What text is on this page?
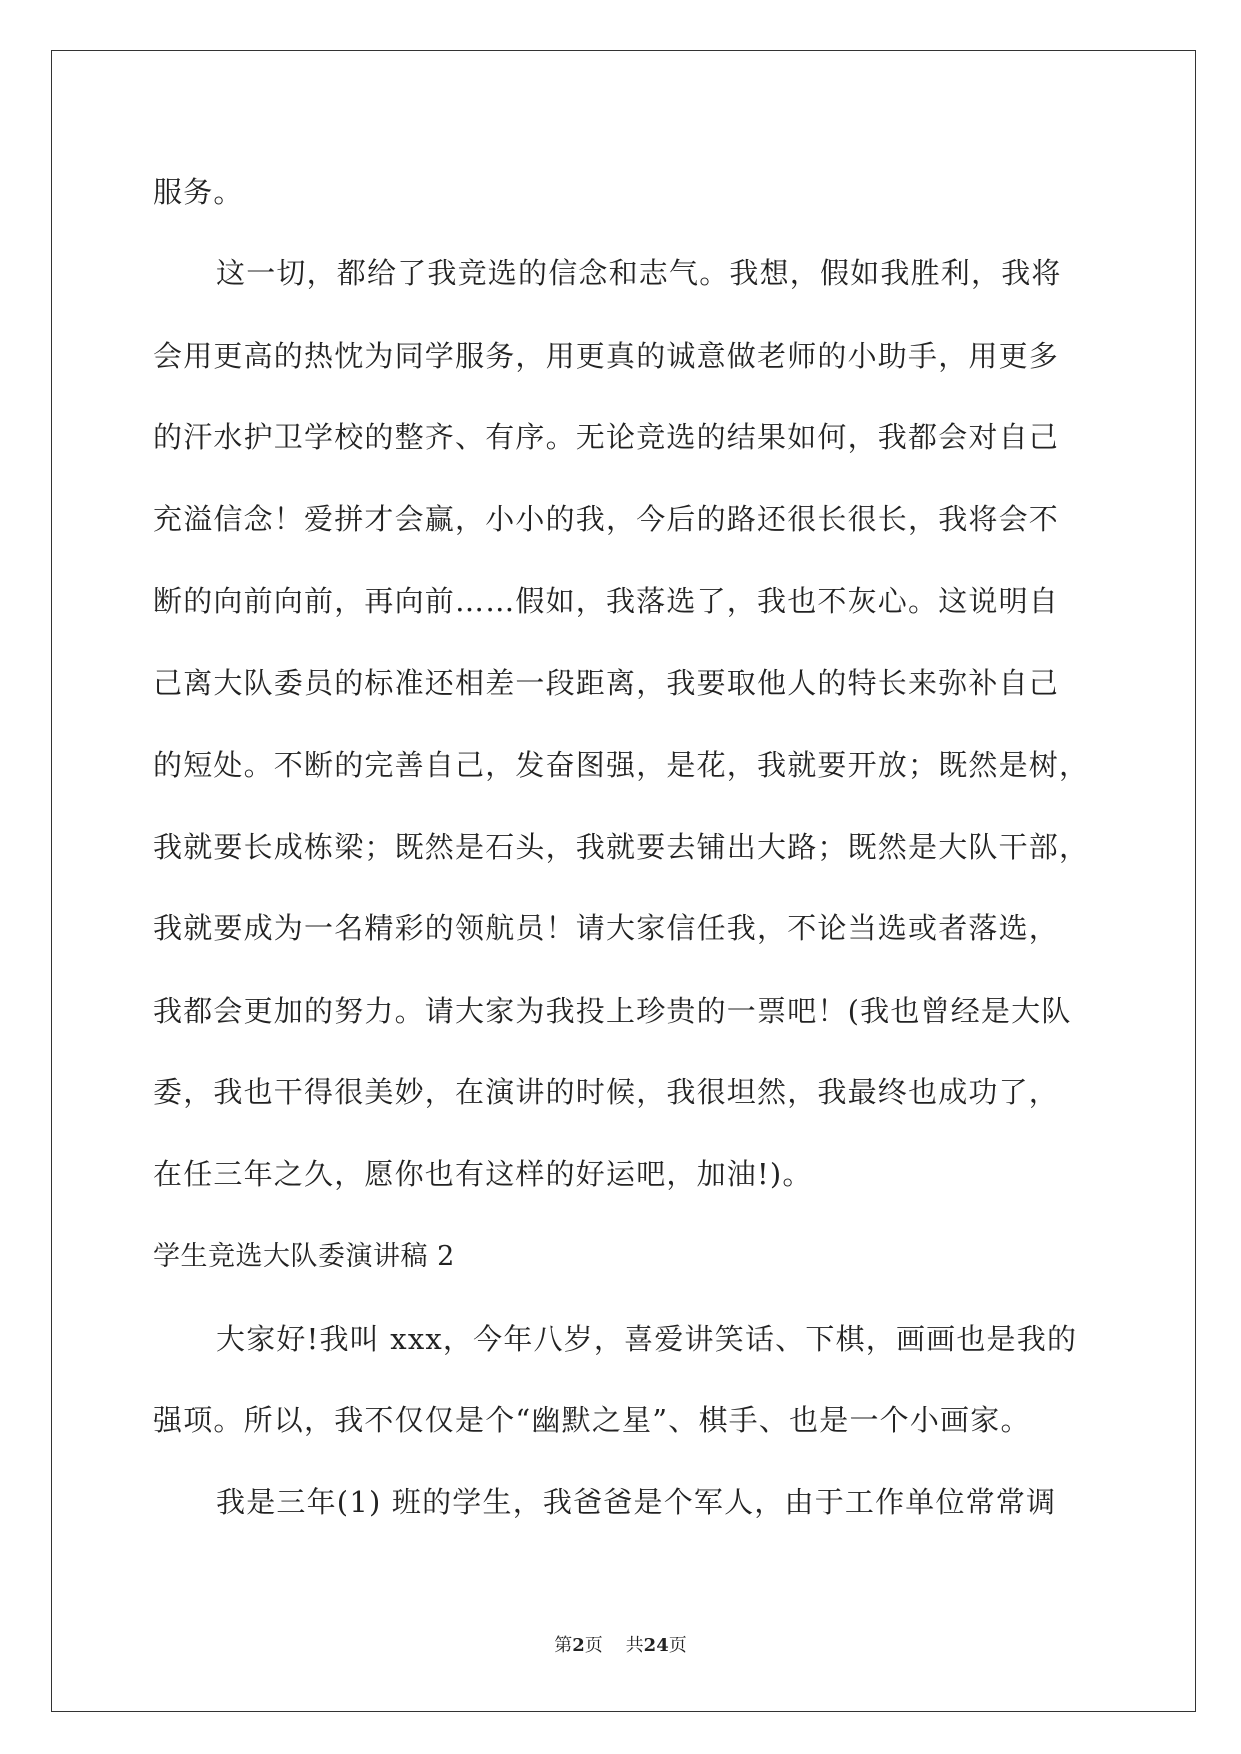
服务。
这一切，都给了我竞选的信念和志气。我想，假如我胜利，我将
会用更高的热忱为同学服务，用更真的诚意做老师的小助手，用更多
的汗水护卫学校的整齐、有序。无论竞选的结果如何，我都会对自己
充溢信念！爱拼才会赢，小小的我，今后的路还很长很长，我将会不
断的向前向前，再向前……假如，我落选了，我也不灰心。这说明自
己离大队委员的标准还相差一段距离，我要取他人的特长来弥补自己
的短处。不断的完善自己，发奋图强，是花，我就要开放；既然是树，
我就要长成栋梁；既然是石头，我就要去铺出大路；既然是大队干部，
我就要成为一名精彩的领航员！请大家信任我，不论当选或者落选，
我都会更加的努力。请大家为我投上珍贵的一票吧！(我也曾经是大队
委，我也干得很美妙，在演讲的时候，我很坦然，我最终也成功了，
在任三年之久，愿你也有这样的好运吧，加油!)。
学生竞选大队委演讲稿 2
大家好!我叫 xxx，今年八岁，喜爱讲笑话、下棋，画画也是我的
强项。所以，我不仅仅是个“幽默之星”、棋手、也是一个小画家。
我是三年(1) 班的学生，我爸爸是个军人，由于工作单位常常调
第2页 共24页
